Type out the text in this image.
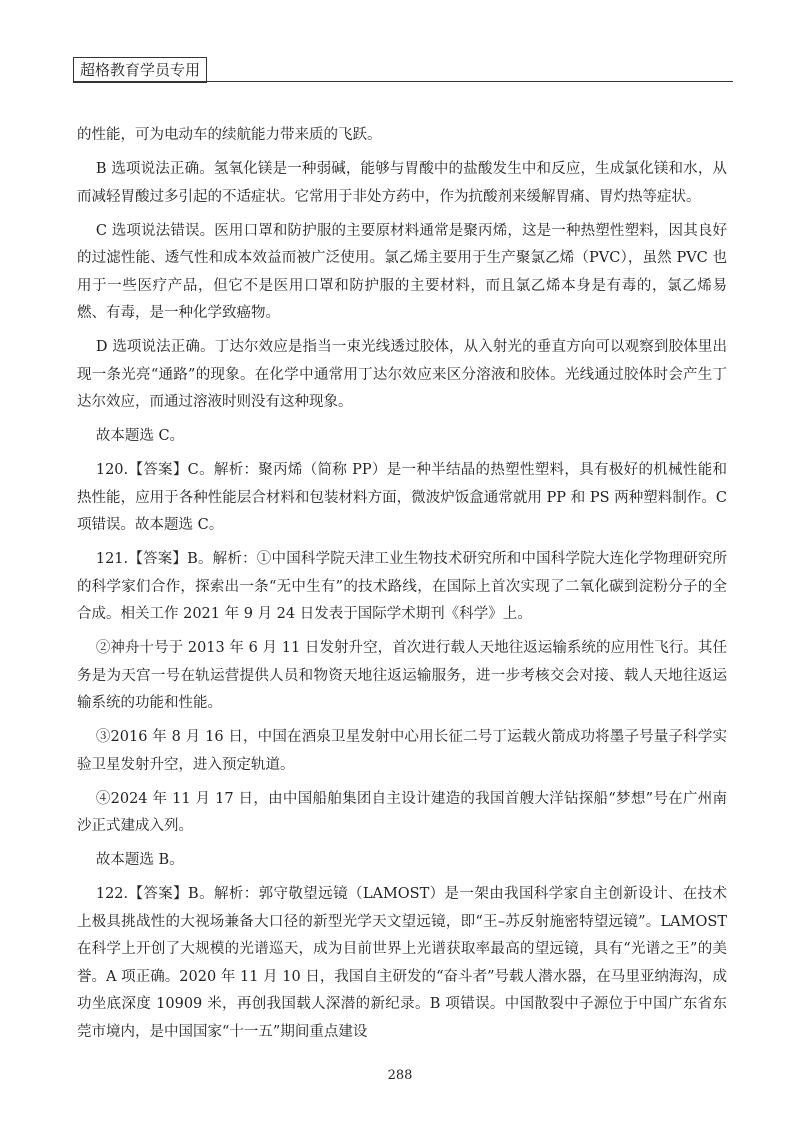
超格教育学员专用

的性能，可为电动车的续航能力带来质的飞跃。

B 选项说法正确。氢氧化镁是一种弱碱，能够与胃酸中的盐酸发生中和反应，生成氯化镁和水，从而减轻胃酸过多引起的不适症状。它常用于非处方药中，作为抗酸剂来缓解胃痛、胃灼热等症状。

C 选项说法错误。医用口罩和防护服的主要原材料通常是聚丙烯，这是一种热塑性塑料，因其良好的过滤性能、透气性和成本效益而被广泛使用。氯乙烯主要用于生产聚氯乙烯（PVC），虽然 PVC 也用于一些医疗产品，但它不是医用口罩和防护服的主要材料，而且氯乙烯本身是有毒的，氯乙烯易燃、有毒，是一种化学致癌物。

D 选项说法正确。丁达尔效应是指当一束光线透过胶体，从入射光的垂直方向可以观察到胶体里出现一条光亮“通路”的现象。在化学中通常用丁达尔效应来区分溶液和胶体。光线通过胶体时会产生丁达尔效应，而通过溶液时则没有这种现象。

故本题选 C。

120.【答案】C。解析：聚丙烯（简称 PP）是一种半结晶的热塑性塑料，具有极好的机械性能和热性能，应用于各种性能层合材料和包装材料方面，微波炉饭盒通常就用 PP 和 PS 两种塑料制作。C 项错误。故本题选 C。

121.【答案】B。解析：①中国科学院天津工业生物技术研究所和中国科学院大连化学物理研究所的科学家们合作，探索出一条“无中生有”的技术路线，在国际上首次实现了二氧化碳到淀粉分子的全合成。相关工作 2021 年 9 月 24 日发表于国际学术期刊《科学》上。

②神舟十号于 2013 年 6 月 11 日发射升空，首次进行载人天地往返运输系统的应用性飞行。其任务是为天宫一号在轨运营提供人员和物资天地往返运输服务，进一步考核交会对接、载人天地往返运输系统的功能和性能。

③2016 年 8 月 16 日，中国在酒泉卫星发射中心用长征二号丁运载火箭成功将墨子号量子科学实验卫星发射升空，进入预定轨道。

④2024 年 11 月 17 日，由中国船舶集团自主设计建造的我国首艘大洋钻探船“梦想”号在广州南沙正式建成入列。

故本题选 B。

122.【答案】B。解析：郭守敬望远镜（LAMOST）是一架由我国科学家自主创新设计、在技术上极具挑战性的大视场兼备大口径的新型光学天文望远镜，即“王–苏反射施密特望远镜”。LAMOST 在科学上开创了大规模的光谱巡天，成为目前世界上光谱获取率最高的望远镜，具有“光谱之王”的美誉。A 项正确。2020 年 11 月 10 日，我国自主研发的“奋斗者”号载人潜水器，在马里亚纳海沟，成功坐底深度 10909 米，再创我国载人深潜的新纪录。B 项错误。中国散裂中子源位于中国广东省东莞市境内，是中国国家“十一五”期间重点建设

288
